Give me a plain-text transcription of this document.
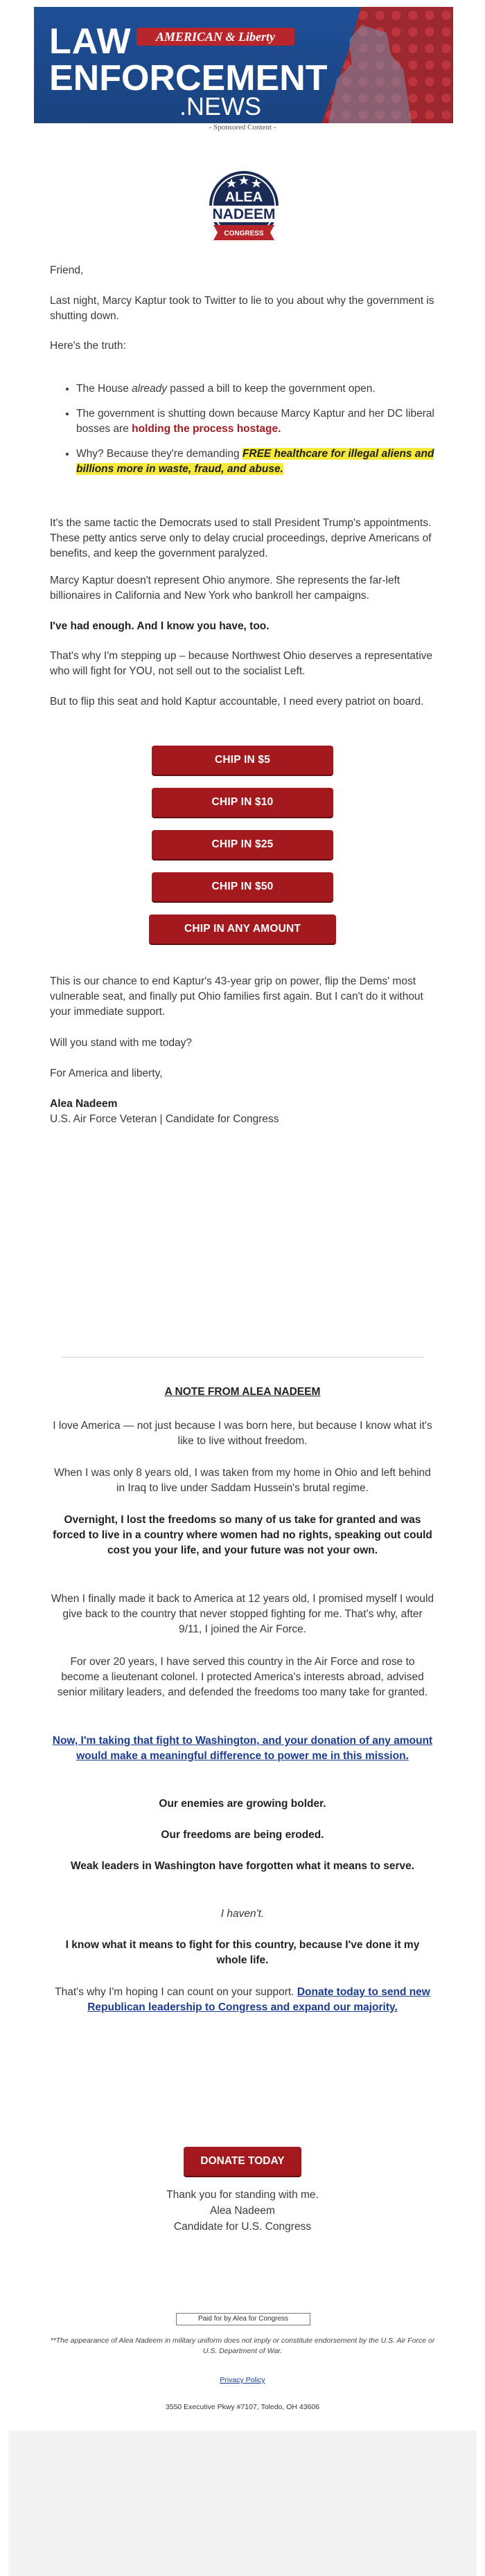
LAW	AMERICAN & Liberty
ENFORCEMENT
.NEWS
- Sponsored Content -
ALEA
NADEEM
CONGRESS

Friend,

Last night, Marcy Kaptur took to Twitter to lie to you about why the government is shutting down.

Here's the truth:

• The House already passed a bill to keep the government open.
• The government is shutting down because Marcy Kaptur and her DC liberal bosses are holding the process hostage.
• Why? Because they're demanding FREE healthcare for illegal aliens and billions more in waste, fraud, and abuse.

It's the same tactic the Democrats used to stall President Trump's appointments. These petty antics serve only to delay crucial proceedings, deprive Americans of benefits, and keep the government paralyzed.

Marcy Kaptur doesn't represent Ohio anymore. She represents the far-left billionaires in California and New York who bankroll her campaigns.

I've had enough. And I know you have, too.

That's why I'm stepping up – because Northwest Ohio deserves a representative who will fight for YOU, not sell out to the socialist Left.

But to flip this seat and hold Kaptur accountable, I need every patriot on board.

CHIP IN $5
CHIP IN $10
CHIP IN $25
CHIP IN $50
CHIP IN ANY AMOUNT

This is our chance to end Kaptur's 43-year grip on power, flip the Dems' most vulnerable seat, and finally put Ohio families first again. But I can't do it without your immediate support.

Will you stand with me today?

For America and liberty,

Alea Nadeem

U.S. Air Force Veteran | Candidate for Congress

A NOTE FROM ALEA NADEEM

I love America — not just because I was born here, but because I know what it's like to live without freedom.

When I was only 8 years old, I was taken from my home in Ohio and left behind in Iraq to live under Saddam Hussein's brutal regime.

Overnight, I lost the freedoms so many of us take for granted and was forced to live in a country where women had no rights, speaking out could cost you your life, and your future was not your own.

When I finally made it back to America at 12 years old, I promised myself I would give back to the country that never stopped fighting for me. That's why, after 9/11, I joined the Air Force.

For over 20 years, I have served this country in the Air Force and rose to become a lieutenant colonel. I protected America's interests abroad, advised senior military leaders, and defended the freedoms too many take for granted.

Now, I'm taking that fight to Washington, and your donation of any amount would make a meaningful difference to power me in this mission.

Our enemies are growing bolder.

Our freedoms are being eroded.

Weak leaders in Washington have forgotten what it means to serve.

I haven't.

I know what it means to fight for this country, because I've done it my whole life.

That's why I'm hoping I can count on your support. Donate today to send new Republican leadership to Congress and expand our majority.

DONATE TODAY

Thank you for standing with me.

Alea Nadeem

Candidate for U.S. Congress

Paid for by Alea for Congress
**The appearance of Alea Nadeem in military uniform does not imply or constitute endorsement by the U.S. Air Force or U.S. Department of War.
Privacy Policy
3550 Executive Pkwy #7107, Toledo, OH 43606
